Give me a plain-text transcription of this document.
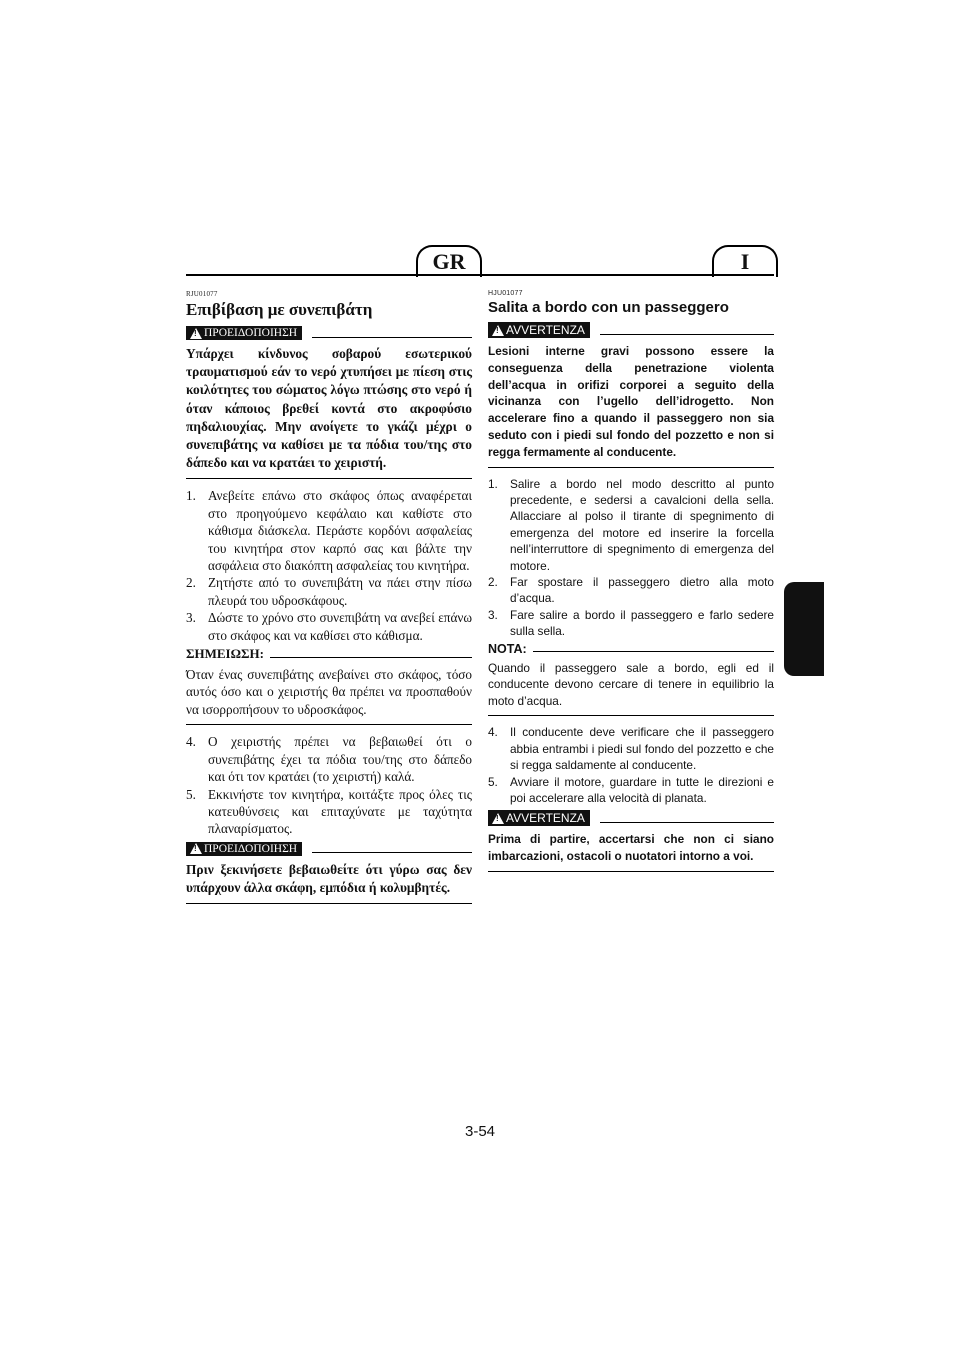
GR	I
RJU01077
Επιβίβαση με συνεπιβάτη
!
ΠΡΟΕΙΔΟΠΟΙΗΣΗ

Υπάρχει κίνδυνος σοβαρού εσωτερικού τραυματισμού εάν το νερό χτυπήσει με πίεση στις κοιλότητες του σώματος λόγω πτώσης στο νερό ή όταν κάποιος βρεθεί κοντά στο ακροφύσιο πηδαλιουχίας. Μην ανοίγετε το γκάζι μέχρι ο συνεπιβάτης να καθίσει με τα πόδια του/της στο δάπεδο και να κρατάει το χειριστή.

1. Ανεβείτε επάνω στο σκάφος όπως αναφέρεται στο προηγούμενο κεφάλαιο και καθίστε στο κάθισμα διάσκελα. Περάστε κορδόνι ασφαλείας του κινητήρα στον καρπό σας και βάλτε την ασφάλεια στο διακόπτη ασφαλείας του κινητήρα.
2. Ζητήστε από το συνεπιβάτη να πάει στην πίσω πλευρά του υδροσκάφους.
3. Δώστε το χρόνο στο συνεπιβάτη να ανεβεί επάνω στο σκάφος και να καθίσει στο κάθισμα.
ΣΗΜΕΙΩΣΗ:

Όταν ένας συνεπιβάτης ανεβαίνει στο σκάφος, τόσο αυτός όσο και ο χειριστής θα πρέπει να προσπαθούν να ισορροπήσουν το υδροσκάφος.

4. Ο χειριστής πρέπει να βεβαιωθεί ότι ο συνεπιβάτης έχει τα πόδια του/της στο δάπεδο και ότι τον κρατάει (το χειριστή) καλά.
5. Εκκινήστε τον κινητήρα, κοιτάξτε προς όλες τις κατευθύνσεις και επιταχύνατε με ταχύτητα πλαναρίσματος.
!
ΠΡΟΕΙΔΟΠΟΙΗΣΗ

Πριν ξεκινήσετε βεβαιωθείτε ότι γύρω σας δεν υπάρχουν άλλα σκάφη, εμπόδια ή κολυμβητές.

HJU01077
Salita a bordo con un passeggero
!
AVVERTENZA

Lesioni interne gravi possono essere la conseguenza della penetrazione violenta dell’acqua in orifizi corporei a seguito della vicinanza con l’ugello dell’idrogetto. Non accelerare fino a quando il passeggero non sia seduto con i piedi sul fondo del pozzetto e non si regga fermamente al conducente.

1.	Salire a bordo nel modo descritto al punto precedente, e sedersi a cavalcioni della sella. Allacciare al polso il tirante di spegnimento di emergenza del motore ed inserire la forcella nell’interruttore di spegnimento di emergenza del motore.
2.	Far spostare il passeggero dietro alla moto d’acqua.
3.	Fare salire a bordo il passeggero e farlo sedere sulla sella.
NOTA:

Quando il passeggero sale a bordo, egli ed il conducente devono cercare di tenere in equilibrio la moto d’acqua.

4.	Il conducente deve verificare che il passeggero abbia entrambi i piedi sul fondo del pozzetto e che si regga saldamente al conducente.
5.	Avviare il motore, guardare in tutte le direzioni e poi accelerare alla velocità di planata.
!
AVVERTENZA

Prima di partire, accertarsi che non ci siano imbarcazioni, ostacoli o nuotatori intorno a voi.

3-54
